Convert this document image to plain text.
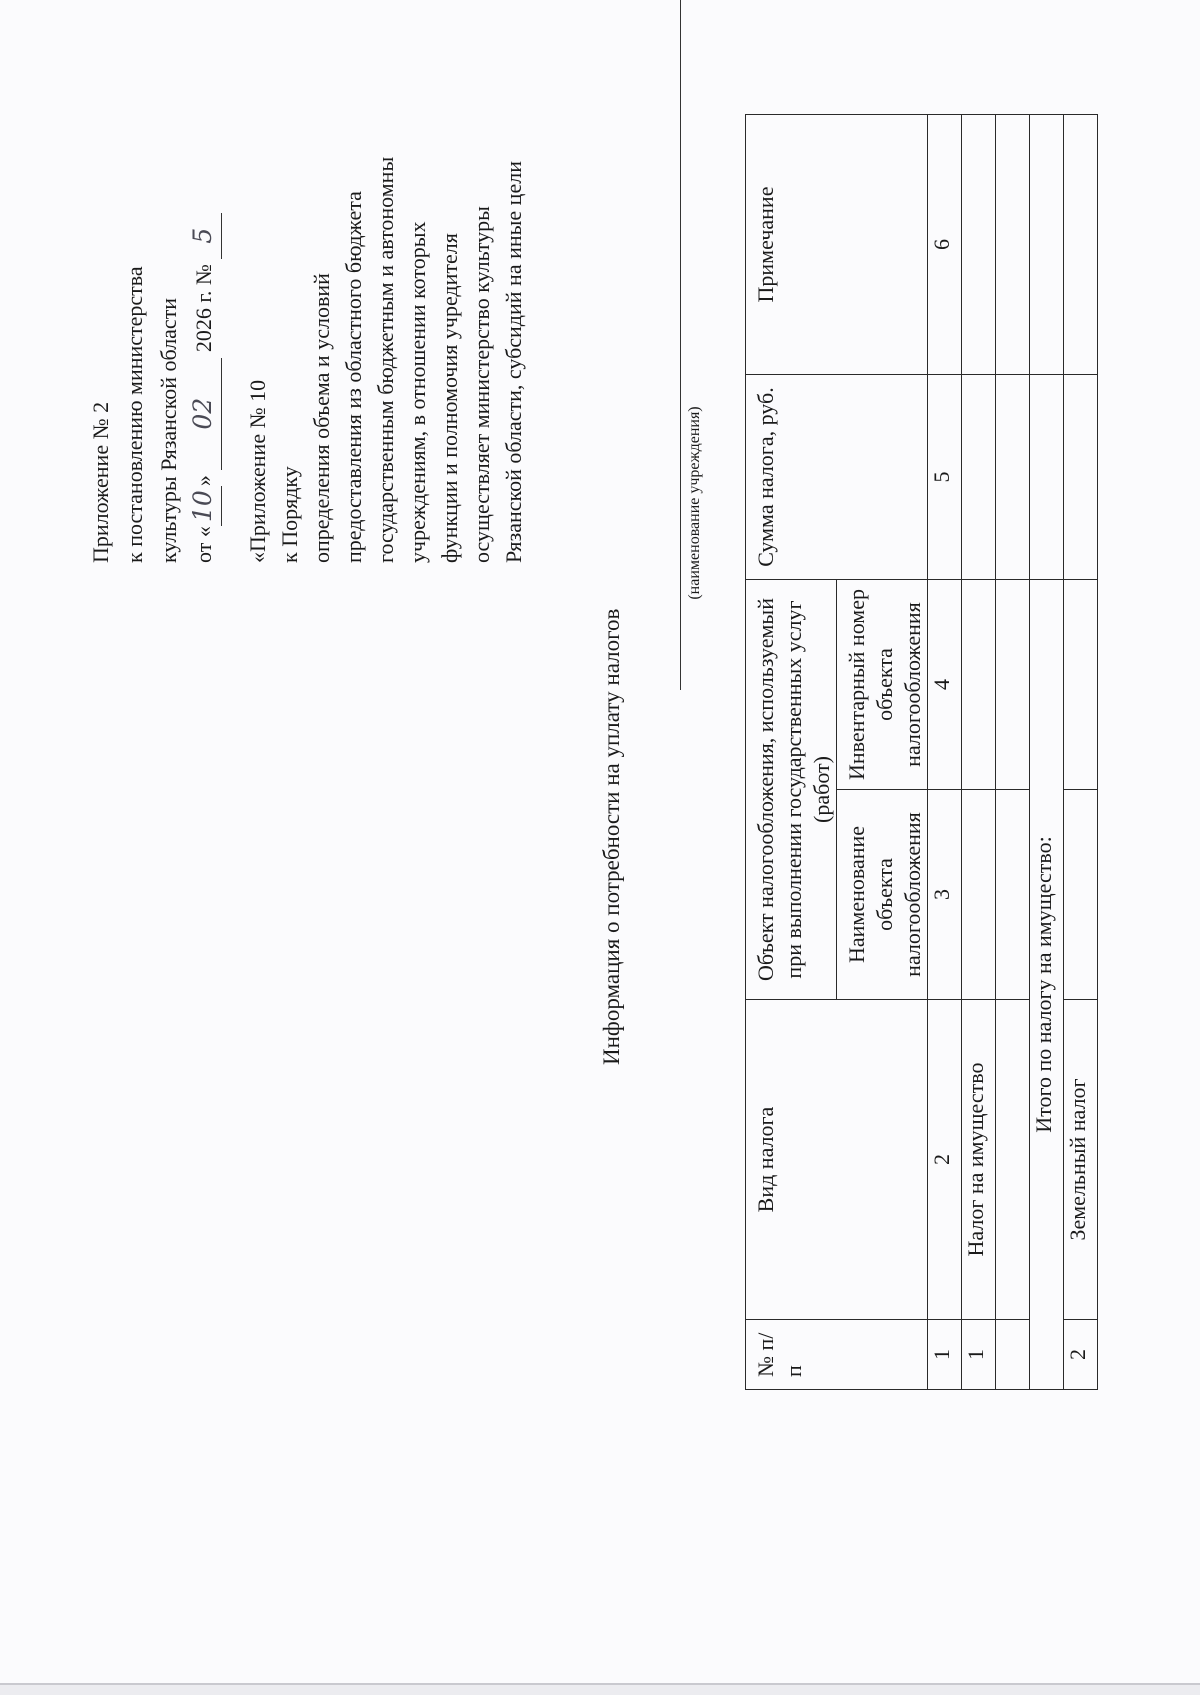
Приложение № 2 к постановлению министерства культуры Рязанской области от «10» 02 2026 г. № 5
«Приложение № 10 к Порядку определения объема и условий предоставления из областного бюджета государственным бюджетным и автономны учреждениям, в отношении которых функции и полномочия учредителя осуществляет министерство культуры Рязанской области, субсидий на иные цели
Информация о потребности на уплату налогов
(наименование учреждения)
№ п/п	Вид налога	Объект налогообложения, используемый при выполнении государственных услуг (работ)		Сумма налога, руб.	Примечание
		Наименование объекта налогообложения	Инвентарный номер объекта налогообложения		
1	2	3	4	5	6
1	Налог на имущество				

Итого по налогу на имущество:					
2	Земельный налог				
